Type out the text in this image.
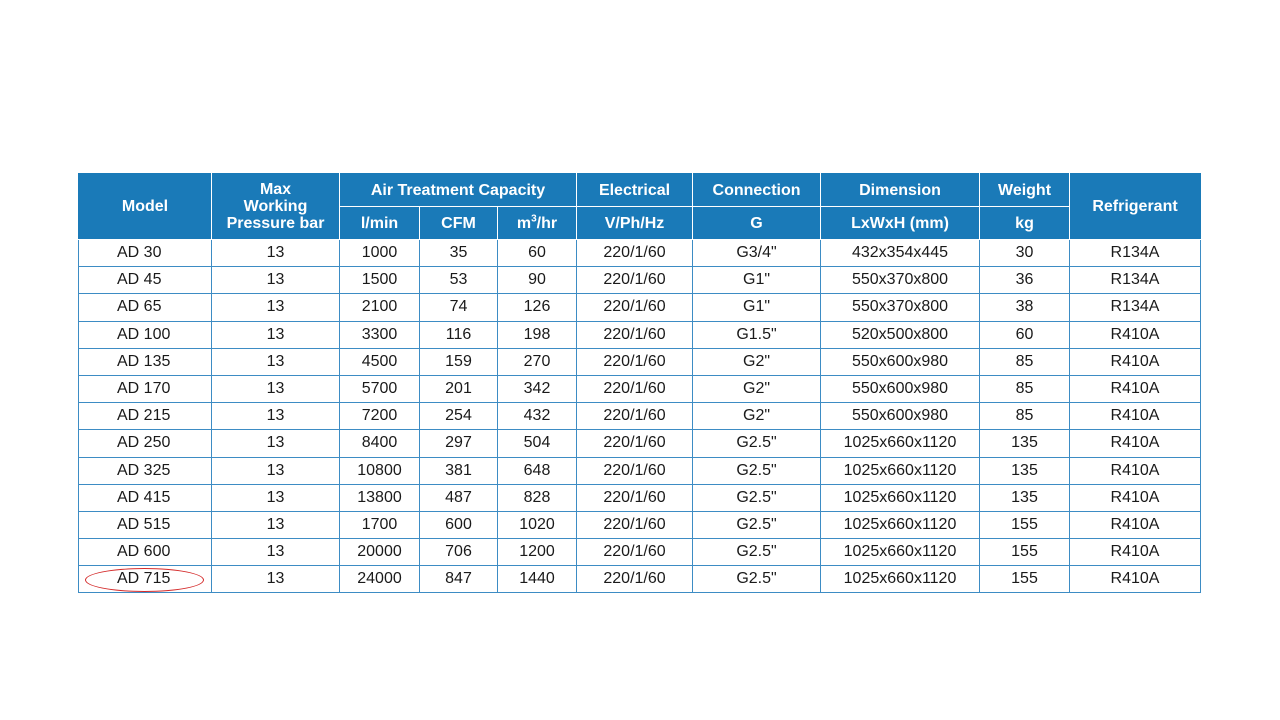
Model	Max
Working
Pressure bar	Air Treatment Capacity			Electrical	Connection	Dimension	Weight	Refrigerant
		l/min	CFM	$m^3/hr$	V/Ph/Hz	G	LxWxH (mm)	kg	
AD 30	13	1000	35	60	220/1/60	G3/4"	432x354x445	30	R134A
AD 45	13	1500	53	90	220/1/60	G1"	550x370x800	36	R134A
AD 65	13	2100	74	126	220/1/60	G1"	550x370x800	38	R134A
AD 100	13	3300	116	198	220/1/60	G1.5"	520x500x800	60	R410A
AD 135	13	4500	159	270	220/1/60	G2"	550x600x980	85	R410A
AD 170	13	5700	201	342	220/1/60	G2"	550x600x980	85	R410A
AD 215	13	7200	254	432	220/1/60	G2"	550x600x980	85	R410A
AD 250	13	8400	297	504	220/1/60	G2.5"	1025x660x1120	135	R410A
AD 325	13	10800	381	648	220/1/60	G2.5"	1025x660x1120	135	R410A
AD 415	13	13800	487	828	220/1/60	G2.5"	1025x660x1120	135	R410A
AD 515	13	1700	600	1020	220/1/60	G2.5"	1025x660x1120	155	R410A
AD 600	13	20000	706	1200	220/1/60	G2.5"	1025x660x1120	155	R410A
AD 715	13	24000	847	1440	220/1/60	G2.5"	1025x660x1120	155	R410A
